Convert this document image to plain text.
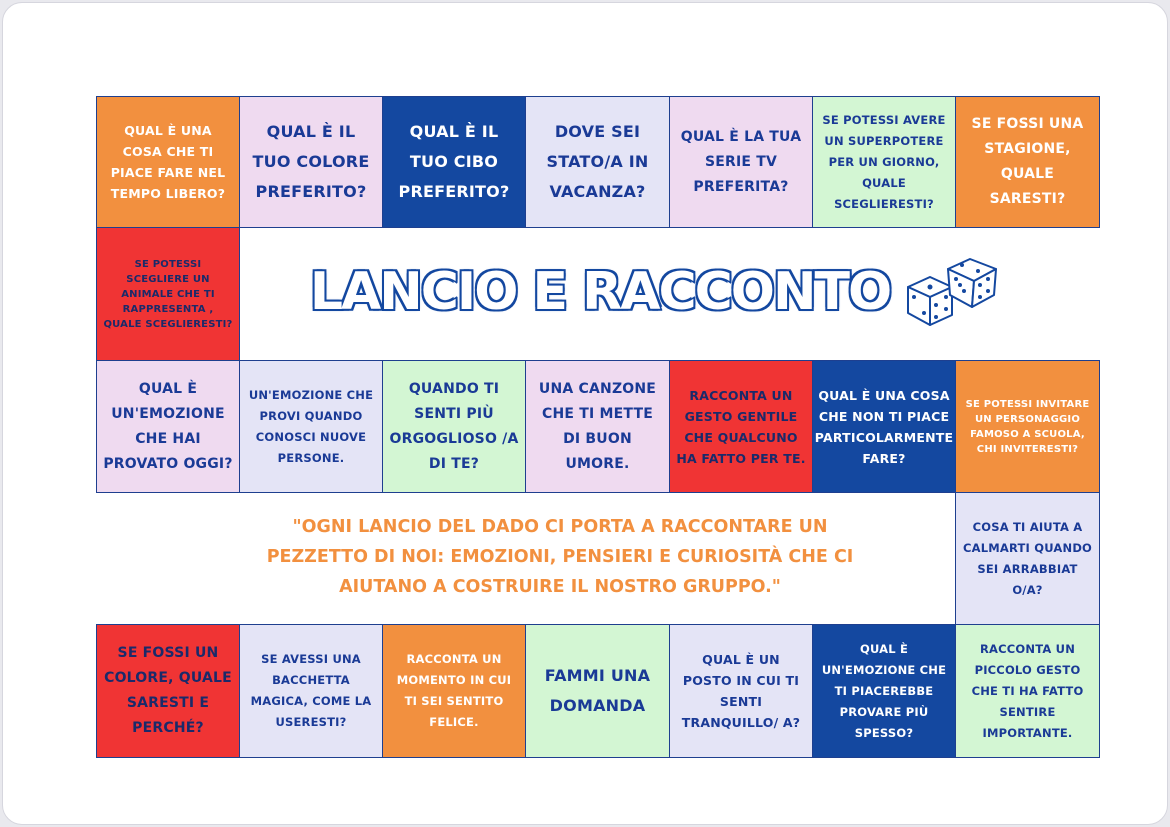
QUAL È UNA COSA CHE TI PIACE FARE NEL TEMPO LIBERO?
QUAL È IL TUO COLORE PREFERITO?
QUAL È IL TUO CIBO PREFERITO?
DOVE SEI STATO/A IN VACANZA?
QUAL È LA TUA SERIE TV PREFERITA?
SE POTESSI AVERE UN SUPERPOTERE PER UN GIORNO, QUALE SCEGLIERESTI?
SE FOSSI UNA STAGIONE, QUALE SARESTI?
SE POTESSI SCEGLIERE UN ANIMALE CHE TI RAPPRESENTA , QUALE SCEGLIERESTI?
QUAL È UN'EMOZIONE CHE HAI PROVATO OGGI?
UN'EMOZIONE CHE PROVI QUANDO CONOSCI NUOVE PERSONE.
QUANDO TI SENTI PIÙ ORGOGLIOSO /A DI TE?
UNA CANZONE CHE TI METTE DI BUON UMORE.
RACCONTA UN GESTO GENTILE CHE QUALCUNO HA FATTO PER TE.
QUAL È UNA COSA CHE NON TI PIACE PARTICOLARMENTE FARE?
SE POTESSI INVITARE UN PERSONAGGIO FAMOSO A SCUOLA, CHI INVITERESTI?
COSA TI AIUTA A CALMARTI QUANDO SEI ARRABBIAT O/A?
SE FOSSI UN COLORE, QUALE SARESTI E PERCHÉ?
SE AVESSI UNA BACCHETTA MAGICA, COME LA USERESTI?
RACCONTA UN MOMENTO IN CUI TI SEI SENTITO FELICE.
FAMMI UNA DOMANDA
QUAL È UN POSTO IN CUI TI SENTI TRANQUILLO/ A?
QUAL È UN'EMOZIONE CHE TI PIACEREBBE PROVARE PIÙ SPESSO?
RACCONTA UN PICCOLO GESTO CHE TI HA FATTO SENTIRE IMPORTANTE.
LANCIO E RACCONTO
"OGNI LANCIO DEL DADO CI PORTA A RACCONTARE UN PEZZETTO DI NOI: EMOZIONI, PENSIERI E CURIOSITÀ CHE CI AIUTANO A COSTRUIRE IL NOSTRO GRUPPO."
